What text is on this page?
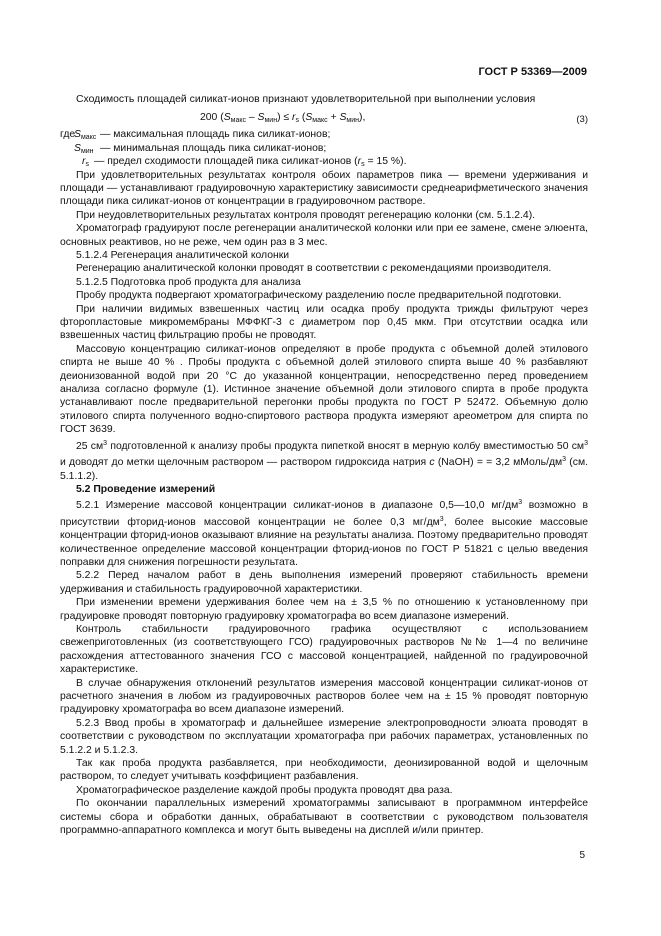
ГОСТ Р 53369—2009

Сходимость площадей силикат-ионов признают удовлетворительной при выполнении условия

200 $(S_{макс} - S_{мин}) \le r_s$ $(S_{макс} + S_{мин})$,	(3)
где
$S_{макс}$ — максимальная площадь пика силикат-ионов;
$S_{мин}$ — минимальная площадь пика силикат-ионов;
$r_s$ — предел сходимости площадей пика силикат-ионов ($r_s = 15$ %).

При удовлетворительных результатах контроля обоих параметров пика — времени удерживания и площади — устанавливают градуировочную характеристику зависимости среднеарифметического значения площади пика силикат-ионов от концентрации в градуировочном растворе.

При неудовлетворительных результатах контроля проводят регенерацию колонки (см. 5.1.2.4).

Хроматограф градуируют после регенерации аналитической колонки или при ее замене, смене элюента, основных реактивов, но не реже, чем один раз в 3 мес.

5.1.2.4 Регенерация аналитической колонки

Регенерацию аналитической колонки проводят в соответствии с рекомендациями производителя.

5.1.2.5 Подготовка проб продукта для анализа

Пробу продукта подвергают хроматографическому разделению после предварительной подготовки.

При наличии видимых взвешенных частиц или осадка пробу продукта трижды фильтруют через фторопластовые микромембраны МФФКГ-3 с диаметром пор 0,45 мкм. При отсутствии осадка или взвешенных частиц фильтрацию пробы не проводят.

Массовую концентрацию силикат-ионов определяют в пробе продукта с объемной долей этилового спирта не выше 40 % . Пробы продукта с объемной долей этилового спирта выше 40 % разбавляют деионизованной водой при 20 °С до указанной концентрации, непосредственно перед проведением анализа согласно формуле (1). Истинное значение объемной доли этилового спирта в пробе продукта устанавливают после предварительной перегонки пробы продукта по ГОСТ Р 52472. Объемную долю этилового спирта полученного водно-спиртового раствора продукта измеряют ареометром для спирта по ГОСТ 3639.

25 $см^3$ подготовленной к анализу пробы продукта пипеткой вносят в мерную колбу вместимостью 50 $см^3$ и доводят до метки щелочным раствором — раствором гидроксида натрия с (NaOH) = = 3,2 мМоль/$дм^3$ (см. 5.1.1.2).

5.2 Проведение измерений

5.2.1 Измерение массовой концентрации силикат-ионов в диапазоне 0,5—10,0 $мг/дм^3$ возможно в присутствии фторид-ионов массовой концентрации не более 0,3 $мг/дм^3$, более высокие массовые концентрации фторид-ионов оказывают влияние на результаты анализа. Поэтому предварительно проводят количественное определение массовой концентрации фторид-ионов по ГОСТ Р 51821 с целью введения поправки для снижения погрешности результата.

5.2.2 Перед началом работ в день выполнения измерений проверяют стабильность времени удерживания и стабильность градуировочной характеристики.

При изменении времени удерживания более чем на ± 3,5 % по отношению к установленному при градуировке проводят повторную градуировку хроматографа во всем диапазоне измерений.

Контроль стабильности градуировочного графика осуществляют с использованием свежеприготовленных (из соответствующего ГСО) градуировочных растворов №№ 1—4 по величине расхождения аттестованного значения ГСО с массовой концентрацией, найденной по градуировочной характеристике.

В случае обнаружения отклонений результатов измерения массовой концентрации силикат-ионов от расчетного значения в любом из градуировочных растворов более чем на ± 15 % проводят повторную градуировку хроматографа во всем диапазоне измерений.

5.2.3 Ввод пробы в хроматограф и дальнейшее измерение электропроводности элюата проводят в соответствии с руководством по эксплуатации хроматографа при рабочих параметрах, установленных по 5.1.2.2 и 5.1.2.3.

Так как проба продукта разбавляется, при необходимости, деонизированной водой и щелочным раствором, то следует учитывать коэффициент разбавления.

Хроматографическое разделение каждой пробы продукта проводят два раза.

По окончании параллельных измерений хроматограммы записывают в программном интерфейсе системы сбора и обработки данных, обрабатывают в соответствии с руководством пользователя программно-аппаратного комплекса и могут быть выведены на дисплей и/или принтер.

5
